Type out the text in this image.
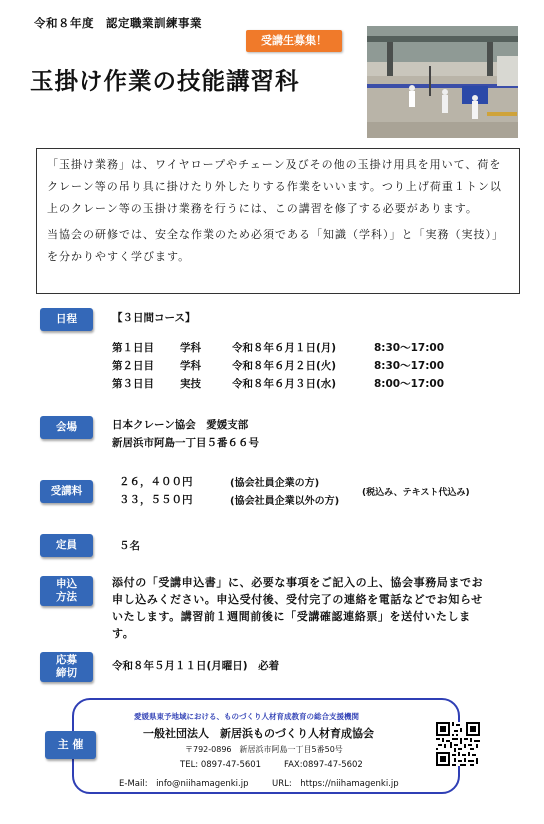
令和８年度　認定職業訓練事業
受講生募集！
玉掛け作業の技能講習科

「玉掛け業務」は、ワイヤロープやチェーン及びその他の玉掛け用具を用いて、荷をクレーン等の吊り具に掛けたり外したりする作業をいいます。つり上げ荷重１トン以上のクレーン等の玉掛け業務を行うには、この講習を修了する必要があります。

当協会の研修では、安全な作業のため必須である「知識（学科）」と「実務（実技）」を分かりやすく学びます。

日程	【３日間コース】
第１日目 学科	令和８年６月１日(月)	8:30～17:00
第２日目 学科	令和８年６月２日(火)	8:30～17:00
第３日目 実技	令和８年６月３日(水)	8:00～17:00
会場	日本クレーン協会　愛媛支部
新居浜市阿島一丁目５番６６号
受講料
２６，４００円	(協会社員企業の方)
３３，５５０円	(協会社員企業以外の方)
(税込み、テキスト代込み)
定員	５名
申込
方法
添付の「受講申込書」に、必要な事項をご記入の上、協会事務局までお申し込みください。申込受付後、受付完了の連絡を電話などでお知らせいたします。講習前１週間前後に「受講確認連絡票」を送付いたします。
応募
締切
令和８年５月１１日(月曜日)　必着
主 催
愛媛県東予地域における、ものづくり人材育成教育の総合支援機関
一般社団法人　新居浜ものづくり人材育成協会
〒792-0896　新居浜市阿島一丁目5番50号
TEL: 0897-47-5601	FAX:0897-47-5602
E-Mail:　info@niihamagenki.jp	URL:　https://niihamagenki.jp
